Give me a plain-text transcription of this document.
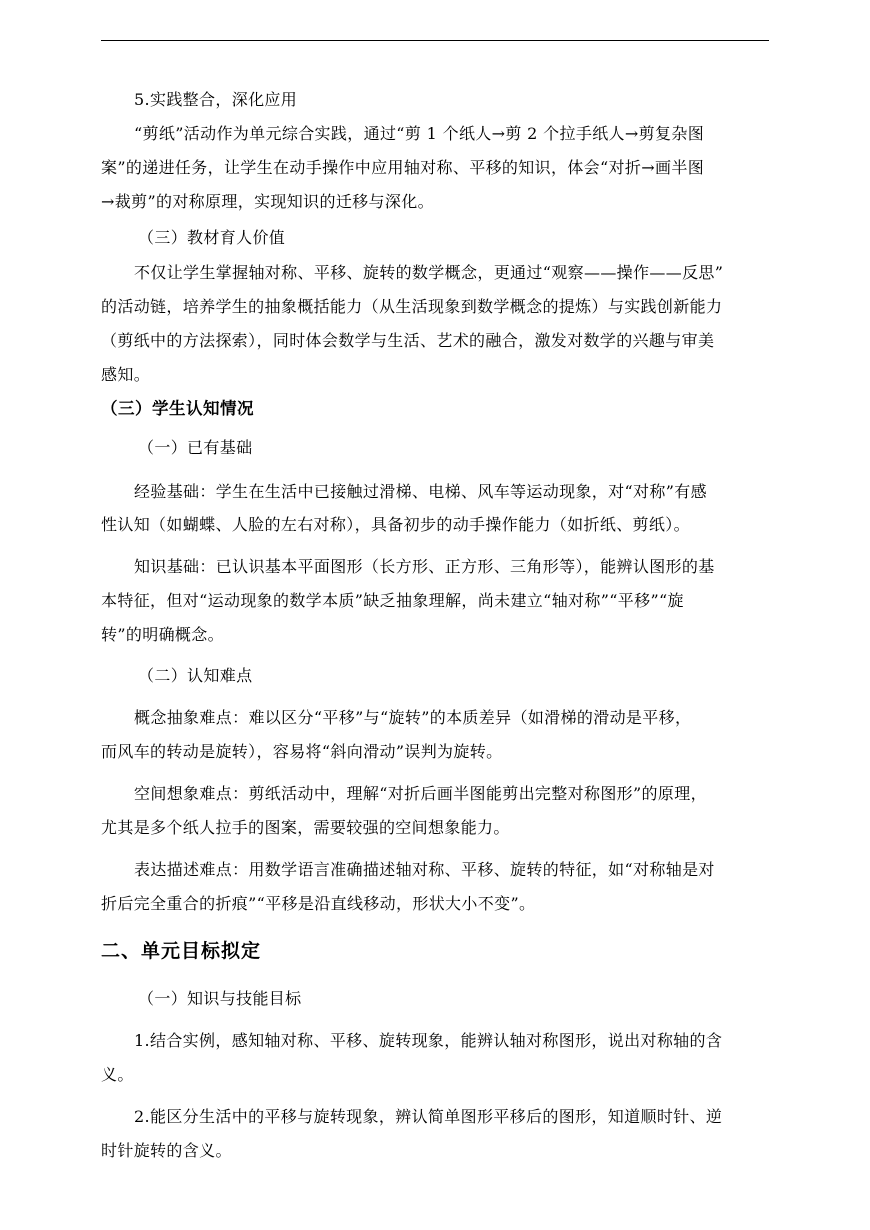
5.实践整合，深化应用
“剪纸”活动作为单元综合实践，通过“剪 1 个纸人→剪 2 个拉手纸人→剪复杂图
案”的递进任务，让学生在动手操作中应用轴对称、平移的知识，体会“对折→画半图
→裁剪”的对称原理，实现知识的迁移与深化。
（三）教材育人价值
不仅让学生掌握轴对称、平移、旋转的数学概念，更通过“观察——操作——反思”
的活动链，培养学生的抽象概括能力（从生活现象到数学概念的提炼）与实践创新能力
（剪纸中的方法探索），同时体会数学与生活、艺术的融合，激发对数学的兴趣与审美
感知。
（三）学生认知情况
（一）已有基础
经验基础：学生在生活中已接触过滑梯、电梯、风车等运动现象，对“对称”有感
性认知（如蝴蝶、人脸的左右对称），具备初步的动手操作能力（如折纸、剪纸）。
知识基础：已认识基本平面图形（长方形、正方形、三角形等），能辨认图形的基
本特征，但对“运动现象的数学本质”缺乏抽象理解，尚未建立“轴对称”“平移”“旋
转”的明确概念。
（二）认知难点
概念抽象难点：难以区分“平移”与“旋转”的本质差异（如滑梯的滑动是平移，
而风车的转动是旋转），容易将“斜向滑动”误判为旋转。
空间想象难点：剪纸活动中，理解“对折后画半图能剪出完整对称图形”的原理，
尤其是多个纸人拉手的图案，需要较强的空间想象能力。
表达描述难点：用数学语言准确描述轴对称、平移、旋转的特征，如“对称轴是对
折后完全重合的折痕”“平移是沿直线移动，形状大小不变”。
二、单元目标拟定
（一）知识与技能目标
1.结合实例，感知轴对称、平移、旋转现象，能辨认轴对称图形，说出对称轴的含
义。
2.能区分生活中的平移与旋转现象，辨认简单图形平移后的图形，知道顺时针、逆
时针旋转的含义。
